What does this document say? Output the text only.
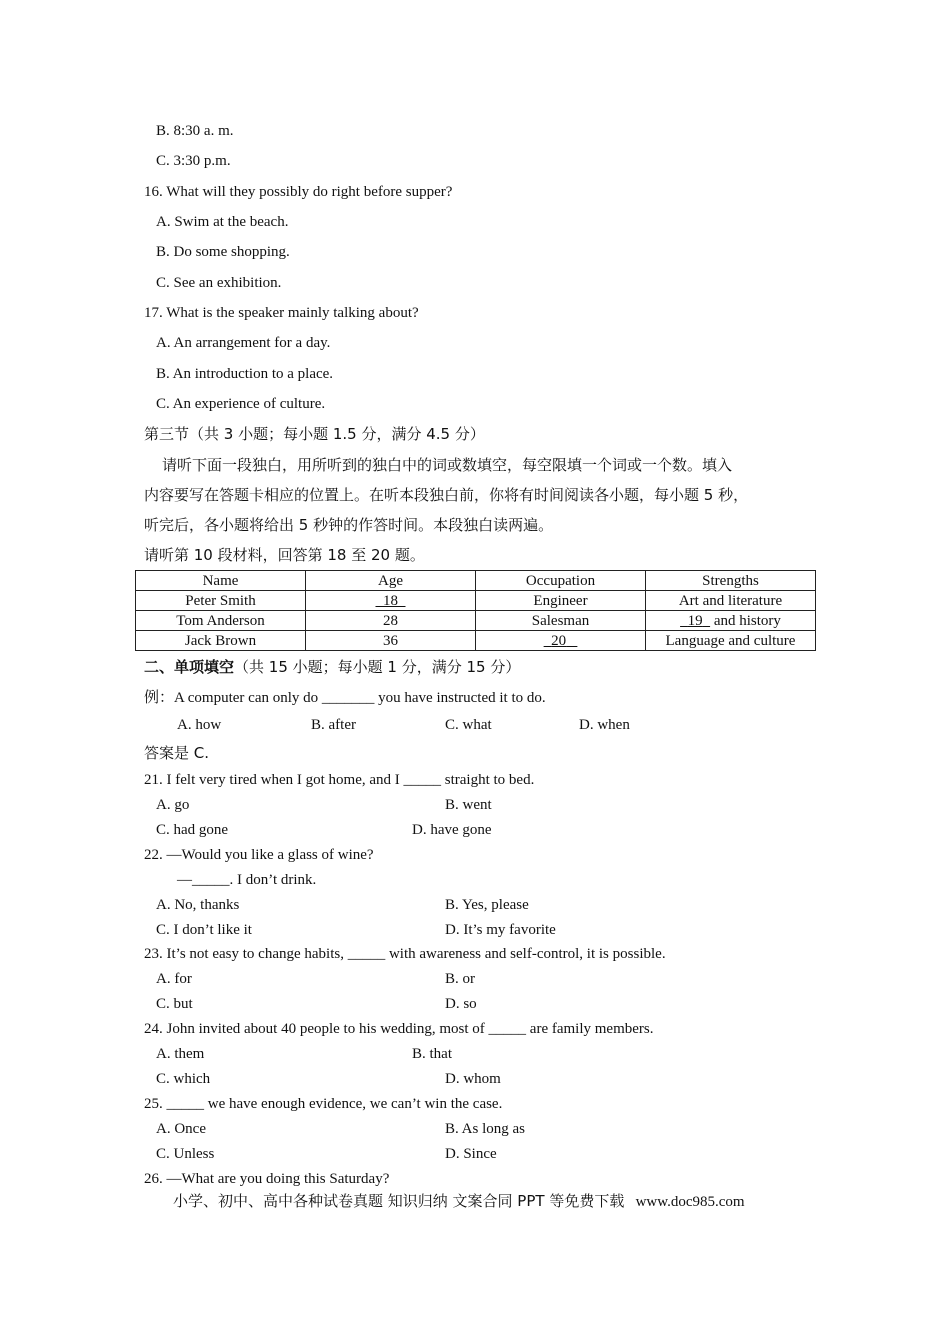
B. 8:30 a. m.
C. 3:30 p.m.
16. What will they possibly do right before supper?
A. Swim at the beach.
B. Do some shopping.
C. See an exhibition.
17. What is the speaker mainly talking about?
A. An arrangement for a day.
B. An introduction to a place.
C. An experience of culture.
第三节（共 3 小题；每小题 1.5 分，满分 4.5 分）
请听下面一段独白，用所听到的独白中的词或数填空，每空限填一个词或一个数。填入
内容要写在答题卡相应的位置上。在听本段独白前，你将有时间阅读各小题，每小题 5 秒，
听完后，各小题将给出 5 秒钟的作答时间。本段独白读两遍。
请听第 10 段材料，回答第 18 至 20 题。
Name	Age	Occupation	Strengths
Peter Smith	18	Engineer	Art and literature
Tom Anderson	28	Salesman	19   and history
Jack Brown	36	20	Language and culture
二、单项填空（共 15 小题；每小题 1 分，满分 15 分）
例：A computer can only do _______ you have instructed it to do.
A. how	B. after	C. what	D. when
答案是 C.
21. I felt very tired when I got home, and I _____ straight to bed.
A. go	B. went
C. had gone	D. have gone
22. —Would you like a glass of wine?
—_____. I don’t drink.
A. No, thanks	B. Yes, please
C. I don’t like it	D. It’s my favorite
23. It’s not easy to change habits, _____ with awareness and self-control, it is possible.
A. for	B. or
C. but	D. so
24. John invited about 40 people to his wedding, most of _____ are family members.
A. them	B. that
C. which	D. whom
25. _____ we have enough evidence, we can’t win the case.
A. Once	B. As long as
C. Unless	D. Since
26. —What are you doing this Saturday?
小学、初中、高中各种试卷真题 知识归纳 文案合同 PPT 等免费下载 www.doc985.com
